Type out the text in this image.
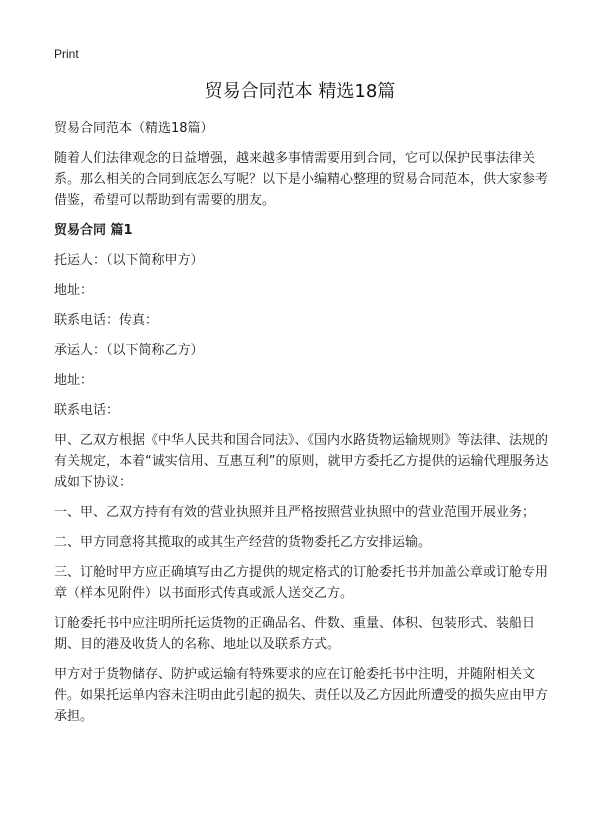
Print
贸易合同范本 精选18篇

贸易合同范本（精选18篇）

随着人们法律观念的日益增强，越来越多事情需要用到合同，它可以保护民事法律关系。那么相关的合同到底怎么写呢？以下是小编精心整理的贸易合同范本，供大家参考借鉴，希望可以帮助到有需要的朋友。

贸易合同 篇1

托运人：（以下简称甲方）

地址：

联系电话：传真：

承运人：（以下简称乙方）

地址：

联系电话：

甲、乙双方根据《中华人民共和国合同法》、《国内水路货物运输规则》等法律、法规的有关规定，本着“诚实信用、互惠互利”的原则，就甲方委托乙方提供的运输代理服务达成如下协议：

一、甲、乙双方持有有效的营业执照并且严格按照营业执照中的营业范围开展业务；

二、甲方同意将其揽取的或其生产经营的货物委托乙方安排运输。

三、订舱时甲方应正确填写由乙方提供的规定格式的订舱委托书并加盖公章或订舱专用章（样本见附件）以书面形式传真或派人送交乙方。

订舱委托书中应注明所托运货物的正确品名、件数、重量、体积、包装形式、装船日期、目的港及收货人的名称、地址以及联系方式。

甲方对于货物储存、防护或运输有特殊要求的应在订舱委托书中注明，并随附相关文件。如果托运单内容未注明由此引起的损失、责任以及乙方因此所遭受的损失应由甲方承担。
